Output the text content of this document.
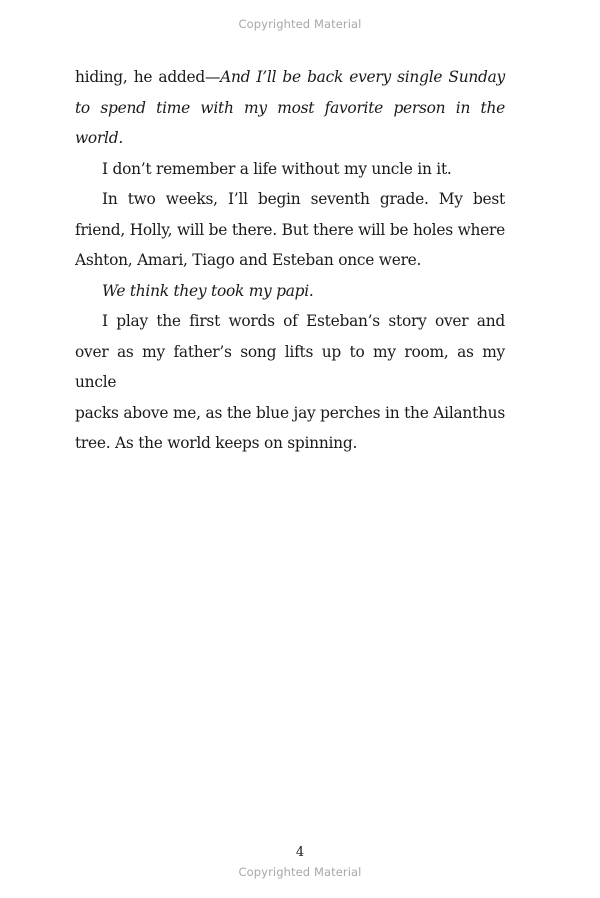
Copyrighted Material
hiding, he added—And I’ll be back every single Sunday
to spend time with my most favorite person in the world.
I don’t remember a life without my uncle in it.
In two weeks, I’ll begin seventh grade. My best
friend, Holly, will be there. But there will be holes where
Ashton, Amari, Tiago and Esteban once were.
We think they took my papi.
I play the first words of Esteban’s story over and
over as my father’s song lifts up to my room, as my uncle
packs above me, as the blue jay perches in the Ailanthus
tree. As the world keeps on spinning.
4
Copyrighted Material
